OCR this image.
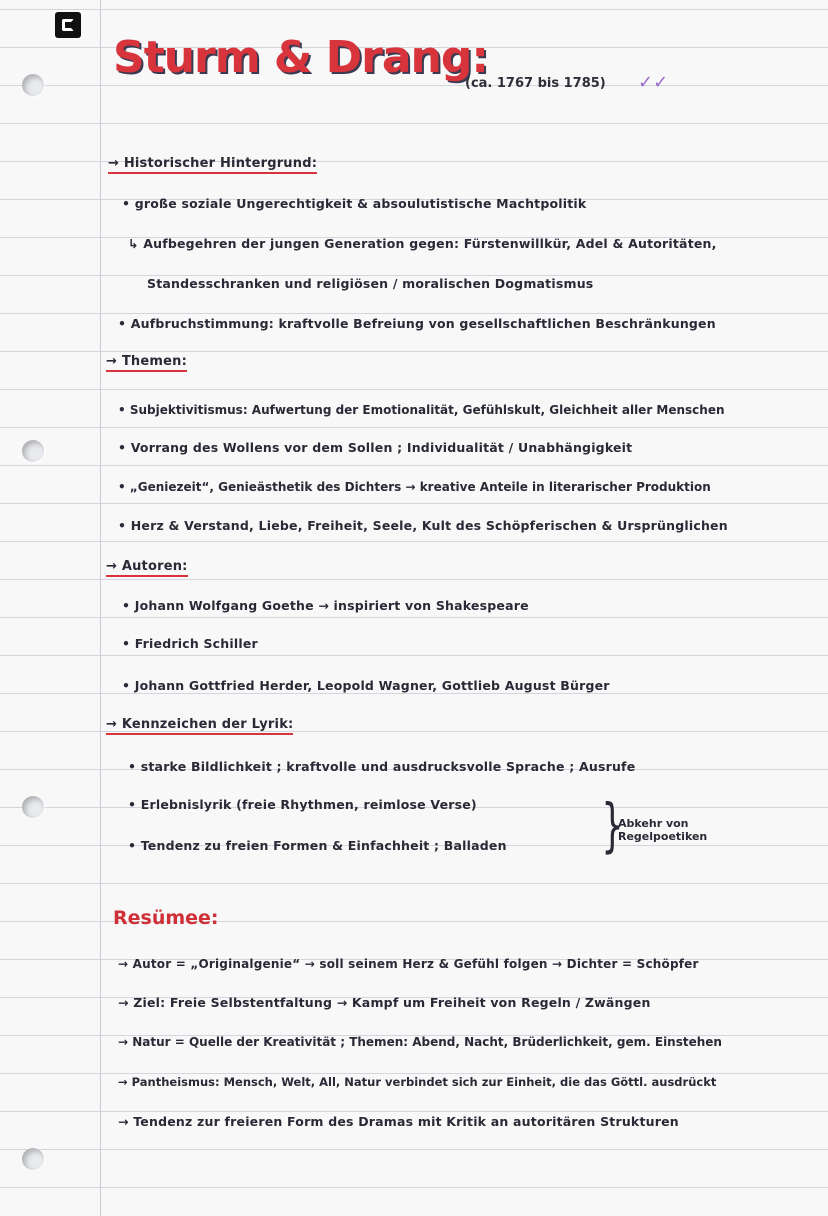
Sturm & Drang:
(ca. 1767 bis 1785) ✓✓
→ Historischer Hintergrund:
• große soziale Ungerechtigkeit & absoulutistische Machtpolitik
↳ Aufbegehren der jungen Generation gegen: Fürstenwillkür, Adel & Autoritäten,
Standesschranken und religiösen / moralischen Dogmatismus
• Aufbruchstimmung: kraftvolle Befreiung von gesellschaftlichen Beschränkungen
→ Themen:
• Subjektivitismus: Aufwertung der Emotionalität, Gefühlskult, Gleichheit aller Menschen
• Vorrang des Wollens vor dem Sollen ; Individualität / Unabhängigkeit
• „Geniezeit“, Genieästhetik des Dichters → kreative Anteile in literarischer Produktion
• Herz & Verstand, Liebe, Freiheit, Seele, Kult des Schöpferischen & Ursprünglichen
→ Autoren:
• Johann Wolfgang Goethe → inspiriert von Shakespeare
• Friedrich Schiller
• Johann Gottfried Herder, Leopold Wagner, Gottlieb August Bürger
→ Kennzeichen der Lyrik:
• starke Bildlichkeit ; kraftvolle und ausdrucksvolle Sprache ; Ausrufe
• Erlebnislyrik (freie Rhythmen, reimlose Verse)
• Tendenz zu freien Formen & Einfachheit ; Balladen }
Abkehr von Regelpoetiken
Resümee:
→ Autor = „Originalgenie“ → soll seinem Herz & Gefühl folgen → Dichter = Schöpfer
→ Ziel: Freie Selbstentfaltung → Kampf um Freiheit von Regeln / Zwängen
→ Natur = Quelle der Kreativität ; Themen: Abend, Nacht, Brüderlichkeit, gem. Einstehen
→ Pantheismus: Mensch, Welt, All, Natur verbindet sich zur Einheit, die das Göttl. ausdrückt
→ Tendenz zur freieren Form des Dramas mit Kritik an autoritären Strukturen
